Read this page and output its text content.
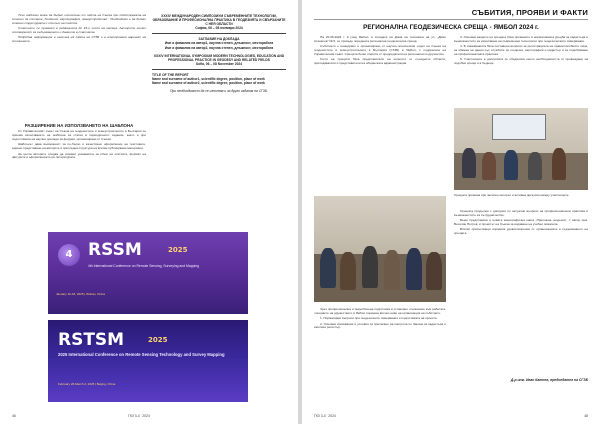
Тези шаблони може да бъдат изтеглени от сайта на Съюза при подготовката на статии за списание „Геодезия, картография, земеустройство“. Необходимо е да бъдат спазени структурата и стилът на текста.

Статиите се приемат в редакцията до 15-о число на месеца. Авторите носят отговорност за съдържанието и данните в статията.

Подробна информация е налична на сайта на СГЗБ и в електронния вариант на списанието.

РАЗШИРЕНИЕ НА ИЗПОЛЗВАНЕТО НА ШАБЛОНА

От Управителният съвет на Съюза на геодезистите и земеустроителите в България се приема използването на шаблона за статии в периодичното издание, както и при подготовката на научни доклади за форуми, организирани от Съюза.

Шаблонът дава възможност за по-бързо и качествено оформление на текстовете, единно представяне на авторите и прегледна структура на всички публикувани материали.

За целта авторите следва да спазват указанията за обем на статията, формат на фигурите и оформлението на литературата.

XXXIV МЕЖДУНАРОДЕН СИМПОЗИУМ СЪВРЕМЕННИТЕ ТЕХНОЛОГИИ, ОБРАЗОВАНИЕ И ПРОФЕСИОНАЛНА ПРАКТИКА В ГЕОДЕЗИЯТА И СВЪРЗАНИТЕ С НЕЯ ОБЛАСТИ
София, 06 – 08 ноември 2024
ЗАГЛАВИЕ НА ДОКЛАДА
Име и фамилия на автор1, научна степен, длъжност, месторабота
Име и фамилия на автор2, научна степен, длъжност, месторабота
XXXIV INTERNATIONAL SYMPOSIUM MODERN TECHNOLOGIES, EDUCATION AND PROFESSIONAL PRACTICE IN GEODESY AND RELATED FIELDS
Sofia, 06 – 08 November 2024
TITLE OF THE REPORT
Name and surname of author1, scientific degree, position, place of work
Name and surname of author2, scientific degree, position, place of work
При необходимост да се използва и за други издания на СГЗБ.
4 RSSM	2025
4th International Conference on Remote Sensing, Surveying and Mapping
January 16-18, 2025 | Wuhan, China
RSTSM	2025
2025 International Conference on Remote Sensing Technology and Survey Mapping
February 26-March 2, 2025 | Beijing, China
46	ГКЗ 3-4 ' 2024
СЪБИТИЯ, ПРОЯВИ И ФАКТИ
РЕГИОНАЛНА ГЕОДЕЗИЧЕСКА СРЕЩА - ЯМБОЛ 2024 г.

На 20.06.2024 г. в град Ямбол, в сградата на Дома на техниката на ул. „Димо Атанасов“ № 5, се проведе поредната регионална геодезическа среща.

Събитието е иницирано и организирано от научно-техническия отдел на Съюза на геодезистите и земеустроителите в България (СГЗБ) в Ямбол, с подкрепата на Управителния съвет. Срещата беше открита от председателя на регионалното дружество.

Гости на срещата бяха представители на колегите от съседните области, преподаватели и представители на общинската администрация.

3. Основни акценти на срещата бяха промените в нормативната уредба за кадастъра и възможностите за използване на съвременни технологии при геодезическите измервания.

4. В изказванията бяха поставени въпроси за регистрацията на правоспособните лица, за обмена на данни със службите по геодезия, картография и кадастър и за подобряване на професионалната практика.

5. Участниците в дискусията се обединиха около необходимостта от провеждане на подобни срещи и в бъдеще.

Срещата премина при засилен интерес и активна дискусия между участниците.

Чрез професионална и задълбочена подготовка и отговорно отношение към работата, членовете на дружеството в Ямбол показаха високо ниво на организация на събитието.

1. Нормативни въпроси при геодезичните измервания и подготовката на проекти.

2. Основни изисквания и условия за прилагане на контрола по Закона за кадастъра и имотния регистър.

Срещата продължи с дискусия по актуални въпроси на професионалната практика и възможностите за сътрудничество.

Беше представена и новата монографична книга „Приложна геодезия“, с автор инж. Веселин Петров, и проектът на Съюза за издаване на учебни помагала.

Всички присъстващи изразиха удовлетворение от организацията и съдържанието на срещата.

Д-р инж. Иван Катнев, председател на СГЗБ
ГКЗ 3-4 ' 2024	48
